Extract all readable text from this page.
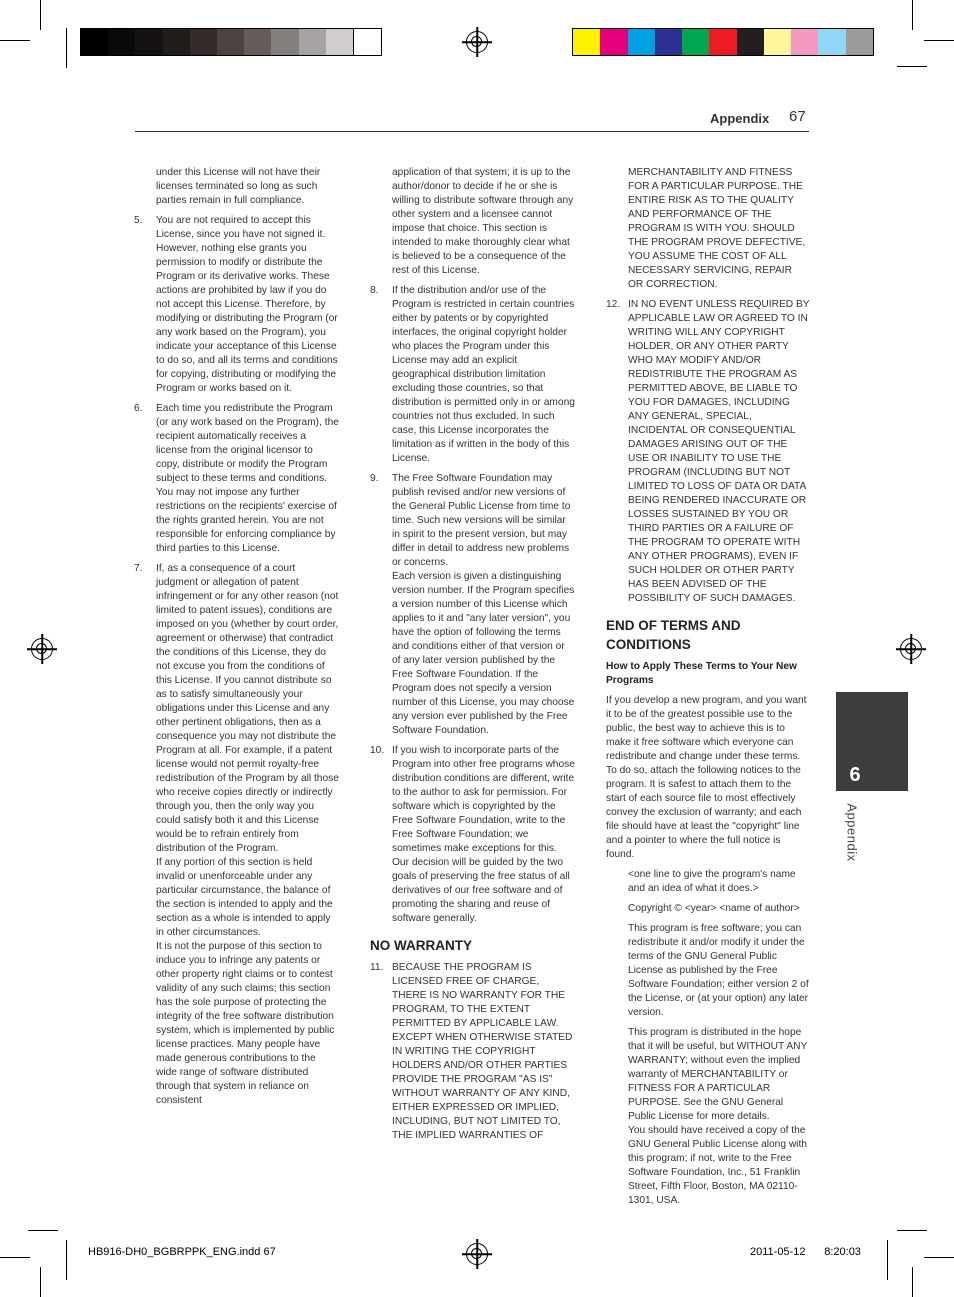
Appendix 67

under this License will not have their licenses terminated so long as such parties remain in full compliance.

5. You are not required to accept this License, since you have not signed it. However, nothing else grants you permission to modify or distribute the Program or its derivative works. These actions are prohibited by law if you do not accept this License. Therefore, by modifying or distributing the Program (or any work based on the Program), you indicate your acceptance of this License to do so, and all its terms and conditions for copying, distributing or modifying the Program or works based on it.

6. Each time you redistribute the Program (or any work based on the Program), the recipient automatically receives a license from the original licensor to copy, distribute or modify the Program subject to these terms and conditions. You may not impose any further restrictions on the recipients' exercise of the rights granted herein. You are not responsible for enforcing compliance by third parties to this License.

7. If, as a consequence of a court judgment or allegation of patent infringement or for any other reason (not limited to patent issues), conditions are imposed on you (whether by court order, agreement or otherwise) that contradict the conditions of this License, they do not excuse you from the conditions of this License. If you cannot distribute so as to satisfy simultaneously your obligations under this License and any other pertinent obligations, then as a consequence you may not distribute the Program at all. For example, if a patent license would not permit royalty-free redistribution of the Program by all those who receive copies directly or indirectly through you, then the only way you could satisfy both it and this License would be to refrain entirely from distribution of the Program.

If any portion of this section is held invalid or unenforceable under any particular circumstance, the balance of the section is intended to apply and the section as a whole is intended to apply in other circumstances.

It is not the purpose of this section to induce you to infringe any patents or other property right claims or to contest validity of any such claims; this section has the sole purpose of protecting the integrity of the free software distribution system, which is implemented by public license practices. Many people have made generous contributions to the wide range of software distributed through that system in reliance on consistent

application of that system; it is up to the author/donor to decide if he or she is willing to distribute software through any other system and a licensee cannot impose that choice. This section is intended to make thoroughly clear what is believed to be a consequence of the rest of this License.

8. If the distribution and/or use of the Program is restricted in certain countries either by patents or by copyrighted interfaces, the original copyright holder who places the Program under this License may add an explicit geographical distribution limitation excluding those countries, so that distribution is permitted only in or among countries not thus excluded. In such case, this License incorporates the limitation as if written in the body of this License.

9. The Free Software Foundation may publish revised and/or new versions of the General Public License from time to time. Such new versions will be similar in spirit to the present version, but may differ in detail to address new problems or concerns.

Each version is given a distinguishing version number. If the Program specifies a version number of this License which applies to it and "any later version", you have the option of following the terms and conditions either of that version or of any later version published by the Free Software Foundation. If the Program does not specify a version number of this License, you may choose any version ever published by the Free Software Foundation.

10. If you wish to incorporate parts of the Program into other free programs whose distribution conditions are different, write to the author to ask for permission. For software which is copyrighted by the Free Software Foundation, write to the Free Software Foundation; we sometimes make exceptions for this. Our decision will be guided by the two goals of preserving the free status of all derivatives of our free software and of promoting the sharing and reuse of software generally.

NO WARRANTY
11. BECAUSE THE PROGRAM IS LICENSED FREE OF CHARGE, THERE IS NO WARRANTY FOR THE PROGRAM, TO THE EXTENT PERMITTED BY APPLICABLE LAW. EXCEPT WHEN OTHERWISE STATED IN WRITING THE COPYRIGHT HOLDERS AND/OR OTHER PARTIES PROVIDE THE PROGRAM "AS IS" WITHOUT WARRANTY OF ANY KIND, EITHER EXPRESSED OR IMPLIED, INCLUDING, BUT NOT LIMITED TO, THE IMPLIED WARRANTIES OF

MERCHANTABILITY AND FITNESS FOR A PARTICULAR PURPOSE. THE ENTIRE RISK AS TO THE QUALITY AND PERFORMANCE OF THE PROGRAM IS WITH YOU. SHOULD THE PROGRAM PROVE DEFECTIVE, YOU ASSUME THE COST OF ALL NECESSARY SERVICING, REPAIR OR CORRECTION.

12. IN NO EVENT UNLESS REQUIRED BY APPLICABLE LAW OR AGREED TO IN WRITING WILL ANY COPYRIGHT HOLDER, OR ANY OTHER PARTY WHO MAY MODIFY AND/OR REDISTRIBUTE THE PROGRAM AS PERMITTED ABOVE, BE LIABLE TO YOU FOR DAMAGES, INCLUDING ANY GENERAL, SPECIAL, INCIDENTAL OR CONSEQUENTIAL DAMAGES ARISING OUT OF THE USE OR INABILITY TO USE THE PROGRAM (INCLUDING BUT NOT LIMITED TO LOSS OF DATA OR DATA BEING RENDERED INACCURATE OR LOSSES SUSTAINED BY YOU OR THIRD PARTIES OR A FAILURE OF THE PROGRAM TO OPERATE WITH ANY OTHER PROGRAMS), EVEN IF SUCH HOLDER OR OTHER PARTY HAS BEEN ADVISED OF THE POSSIBILITY OF SUCH DAMAGES.

END OF TERMS AND CONDITIONS
How to Apply These Terms to Your New Programs

If you develop a new program, and you want it to be of the greatest possible use to the public, the best way to achieve this is to make it free software which everyone can redistribute and change under these terms. To do so, attach the following notices to the program. It is safest to attach them to the start of each source file to most effectively convey the exclusion of warranty; and each file should have at least the "copyright" line and a pointer to where the full notice is found.

<one line to give the program's name and an idea of what it does.>

Copyright © <year> <name of author>

This program is free software; you can redistribute it and/or modify it under the terms of the GNU General Public License as published by the Free Software Foundation; either version 2 of the License, or (at your option) any later version.

This program is distributed in the hope that it will be useful, but WITHOUT ANY WARRANTY; without even the implied warranty of MERCHANTABILITY or FITNESS FOR A PARTICULAR PURPOSE. See the GNU General Public License for more details.

You should have received a copy of the GNU General Public License along with this program; if not, write to the Free Software Foundation, Inc., 51 Franklin Street, Fifth Floor, Boston, MA 02110-1301, USA.

6
Appendix
HB916-DH0_BGBRPPK_ENG.indd 67	2011-05-12 8:20:03
